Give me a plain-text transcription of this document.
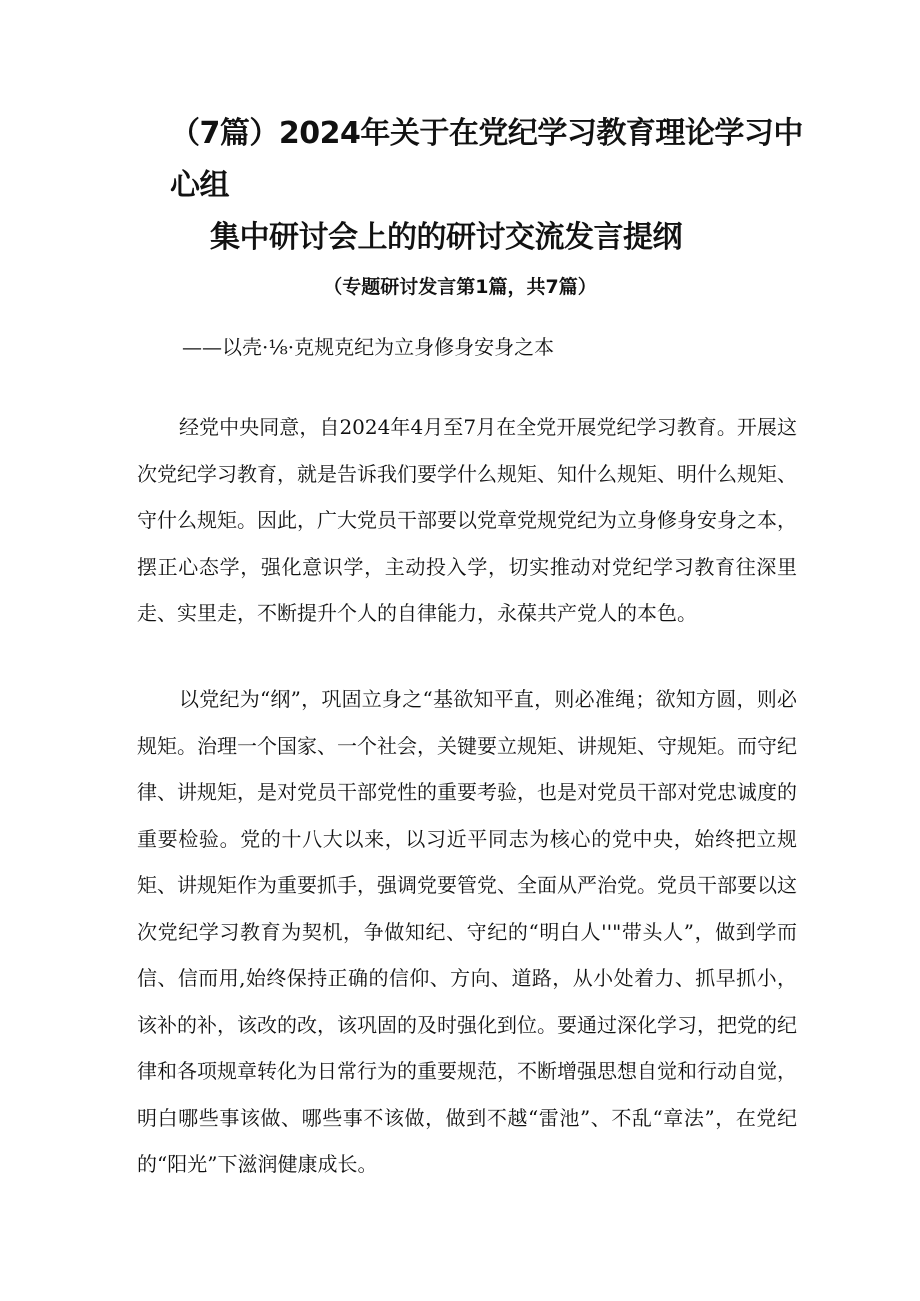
（7篇）2024年关于在党纪学习教育理论学习中心组
集中研讨会上的的研讨交流发言提纲
（专题研讨发言第1篇，共7篇）
——以壳·⅛·克规克纪为立身修身安身之本

经党中央同意，自2024年4月至7月在全党开展党纪学习教育。开展这次党纪学习教育，就是告诉我们要学什么规矩、知什么规矩、明什么规矩、守什么规矩。因此，广大党员干部要以党章党规党纪为立身修身安身之本，摆正心态学，强化意识学，主动投入学，切实推动对党纪学习教育往深里走、实里走，不断提升个人的自律能力，永葆共产党人的本色。

以党纪为“纲”，巩固立身之“基欲知平直，则必准绳；欲知方圆，则必规矩。治理一个国家、一个社会，关键要立规矩、讲规矩、守规矩。而守纪律、讲规矩，是对党员干部党性的重要考验，也是对党员干部对党忠诚度的重要检验。党的十八大以来，以习近平同志为核心的党中央，始终把立规矩、讲规矩作为重要抓手，强调党要管党、全面从严治党。党员干部要以这次党纪学习教育为契机，争做知纪、守纪的“明白人''"带头人”，做到学而信、信而用,始终保持正确的信仰、方向、道路，从小处着力、抓早抓小，该补的补，该改的改，该巩固的及时强化到位。要通过深化学习，把党的纪律和各项规章转化为日常行为的重要规范，不断增强思想自觉和行动自觉，明白哪些事该做、哪些事不该做，做到不越“雷池”、不乱“章法”，在党纪的“阳光”下滋润健康成长。
